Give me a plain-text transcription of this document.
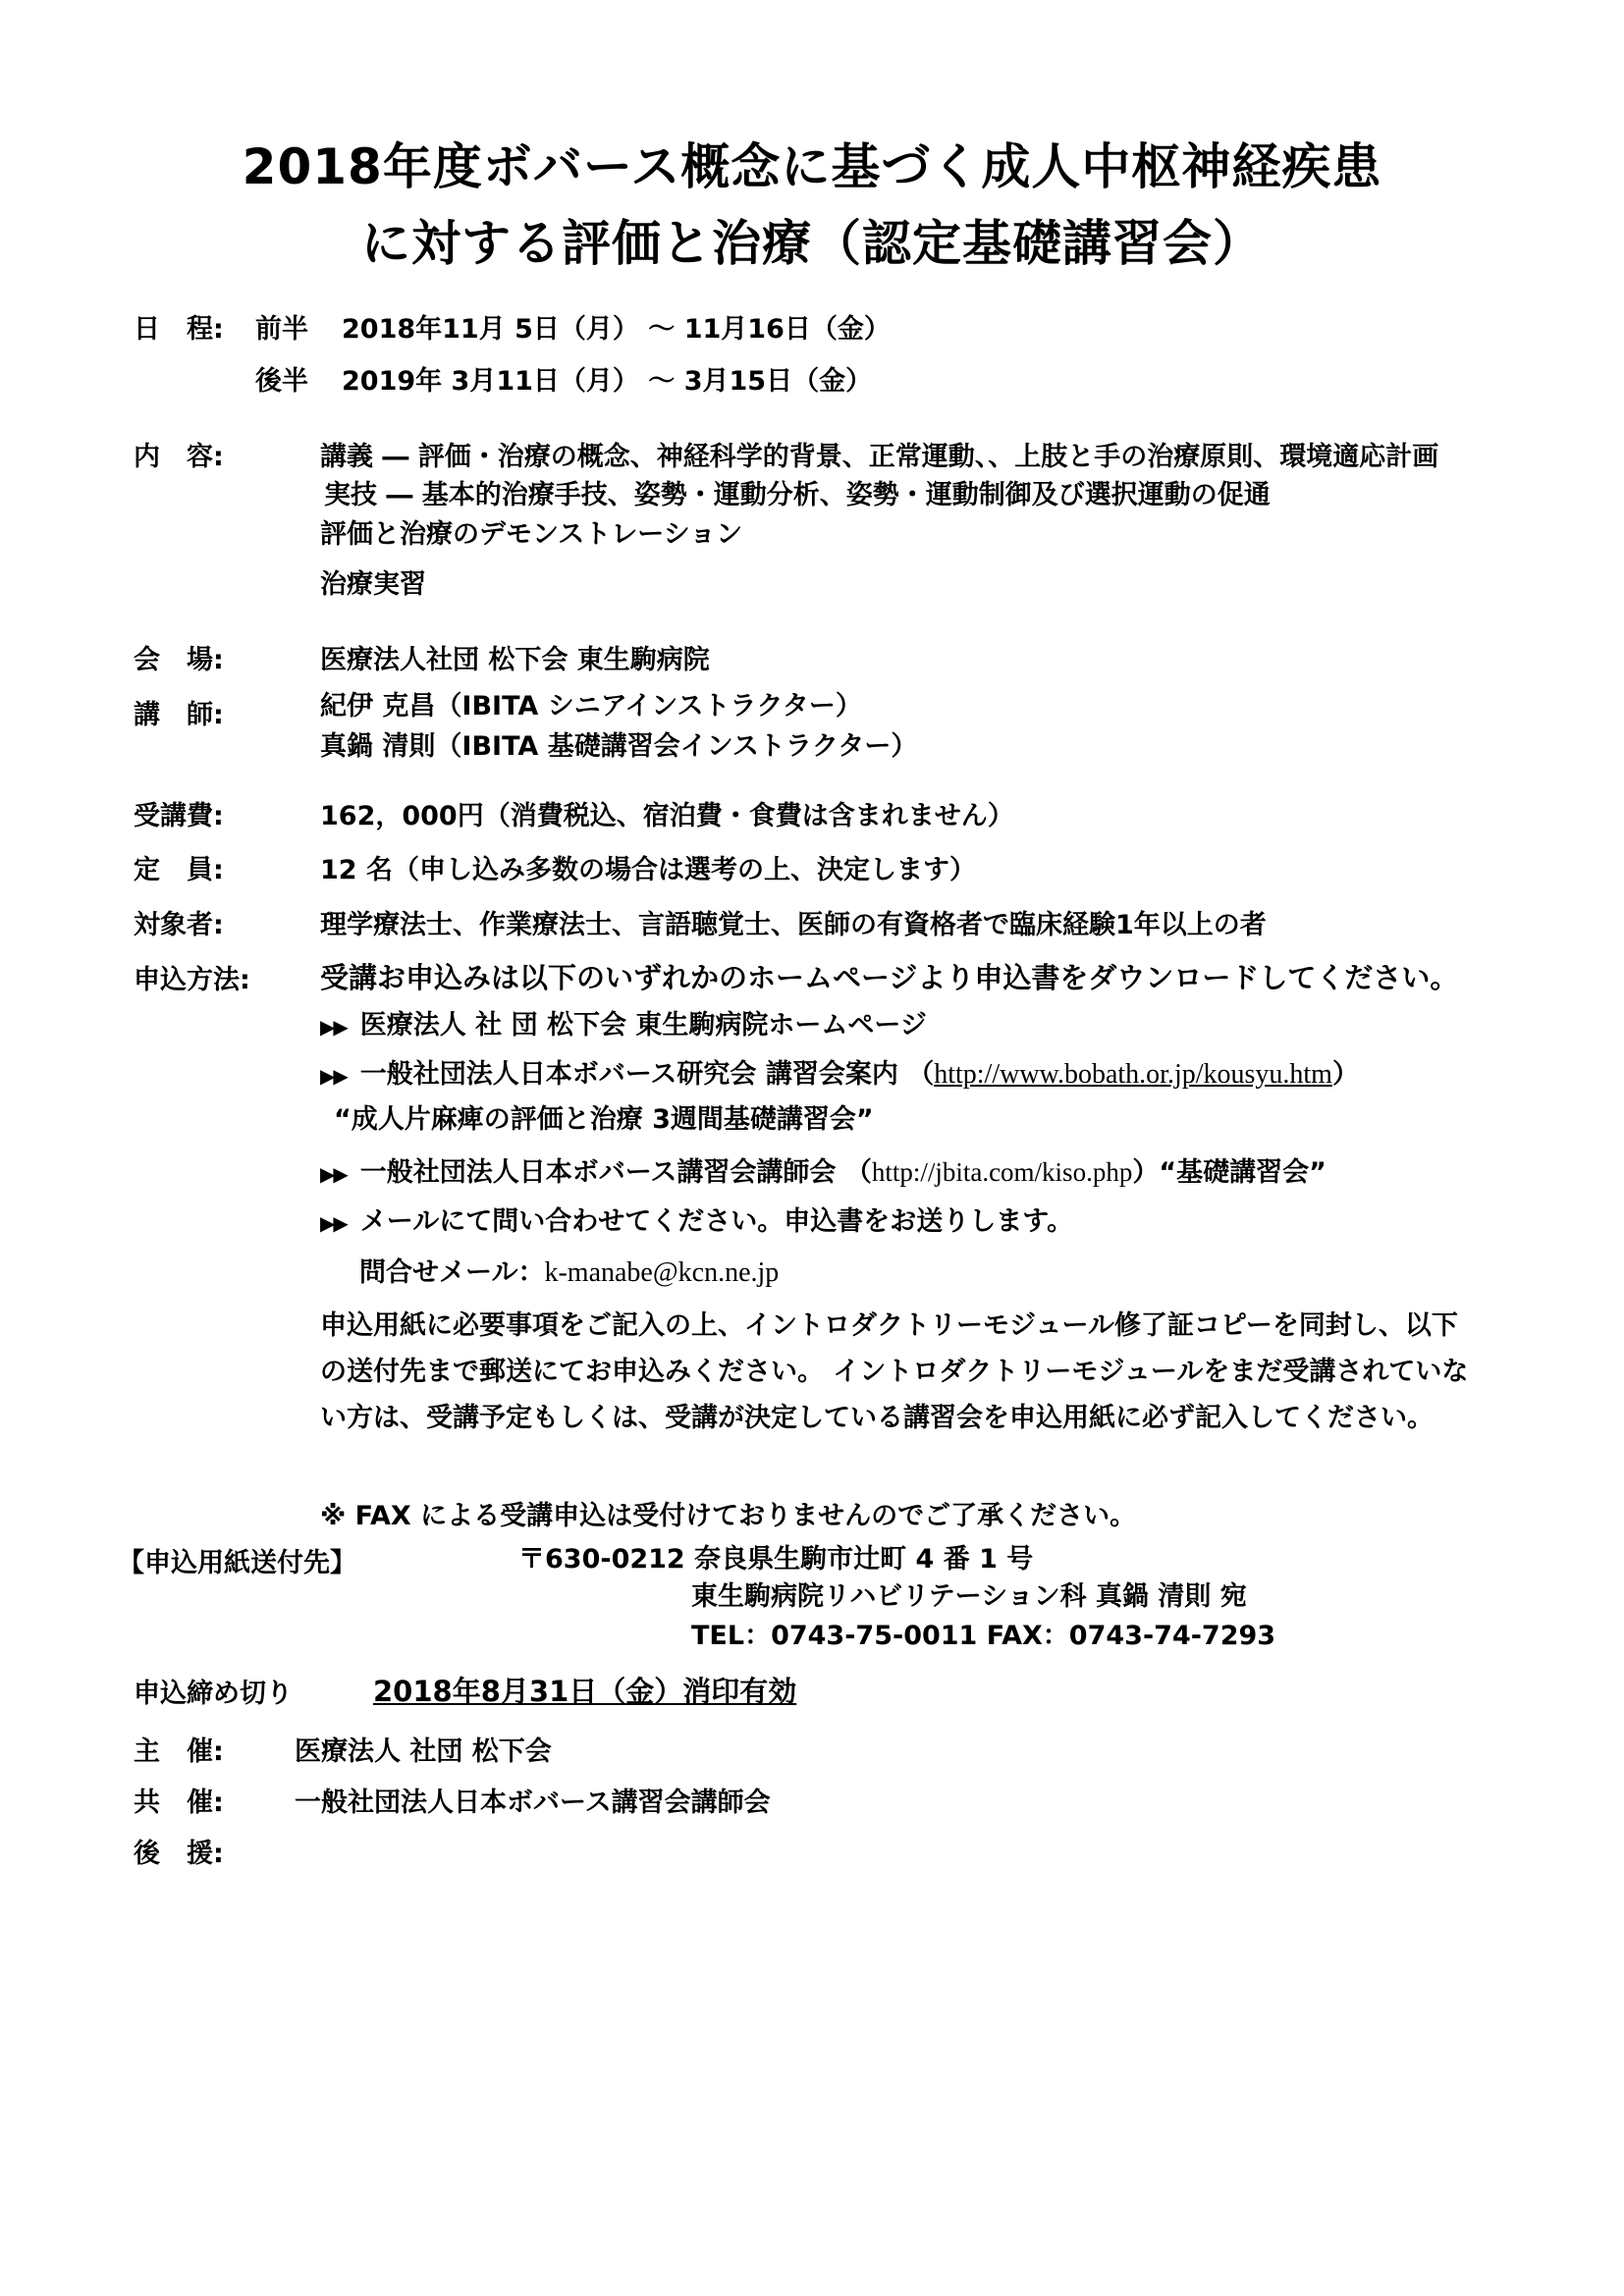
2018年度ボバース概念に基づく成人中枢神経疾患
に対する評価と治療（認定基礎講習会）
日　程: 前半 2018年11月 5日（月） ～ 11月16日（金）
後半 2019年 3月11日（月） ～ 3月15日（金）
内　容:	講義 ― 評価・治療の概念、神経科学的背景、正常運動、、上肢と手の治療原則、環境適応計画
実技 ― 基本的治療手技、姿勢・運動分析、姿勢・運動制御及び選択運動の促通
評価と治療のデモンストレーション
治療実習
会　場:	医療法人社団 松下会 東生駒病院
講　師:	紀伊 克昌（IBITA シニアインストラクター）
真鍋 清則（IBITA 基礎講習会インストラクター）
受講費:	162，000円（消費税込、宿泊費・食費は含まれません）
定　員:	12 名（申し込み多数の場合は選考の上、決定します）
対象者:	理学療法士、作業療法士、言語聴覚士、医師の有資格者で臨床経験1年以上の者
申込方法: 受講お申込みは以下のいずれかのホームページより申込書をダウンロードしてください。
▶▶ 医療法人 社 団 松下会 東生駒病院ホームページ
▶▶ 一般社団法人日本ボバース研究会 講習会案内 （http://www.bobath.or.jp/kousyu.htm）
“成人片麻痺の評価と治療 3週間基礎講習会”
▶▶ 一般社団法人日本ボバース講習会講師会 （http://jbita.com/kiso.php）“基礎講習会”
▶▶ メールにて問い合わせてください。申込書をお送りします。
問合せメール：k-manabe@kcn.ne.jp
申込用紙に必要事項をご記入の上、イントロダクトリーモジュール修了証コピーを同封し、以下
の送付先まで郵送にてお申込みください。 イントロダクトリーモジュールをまだ受講されていな
い方は、受講予定もしくは、受講が決定している講習会を申込用紙に必ず記入してください。
※ FAX による受講申込は受付けておりませんのでご了承ください。
【申込用紙送付先】	〒630-0212 奈良県生駒市辻町 4 番 1 号
東生駒病院リハビリテーション科 真鍋 清則 宛
TEL：0743-75-0011 FAX：0743-74-7293
申込締め切り	2018年8月31日（金）消印有効
主　催:	医療法人 社団 松下会
共　催:	一般社団法人日本ボバース講習会講師会
後　援:
